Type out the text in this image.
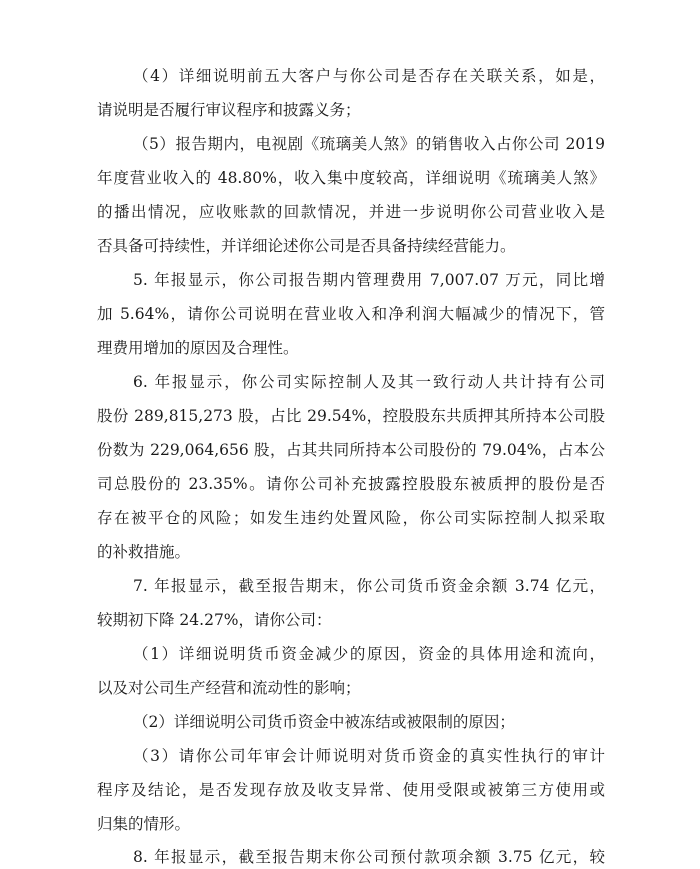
（4）详细说明前五大客户与你公司是否存在关联关系，如是，
请说明是否履行审议程序和披露义务；
（5）报告期内，电视剧《琉璃美人煞》的销售收入占你公司 2019
年度营业收入的 48.80%，收入集中度较高，详细说明《琉璃美人煞》
的播出情况，应收账款的回款情况，并进一步说明你公司营业收入是
否具备可持续性，并详细论述你公司是否具备持续经营能力。
5. 年报显示，你公司报告期内管理费用 7,007.07 万元，同比增
加 5.64%，请你公司说明在营业收入和净利润大幅减少的情况下，管
理费用增加的原因及合理性。
6. 年报显示，你公司实际控制人及其一致行动人共计持有公司
股份 289,815,273 股，占比 29.54%，控股股东共质押其所持本公司股
份数为 229,064,656 股，占其共同所持本公司股份的 79.04%，占本公
司总股份的 23.35%。请你公司补充披露控股股东被质押的股份是否
存在被平仓的风险；如发生违约处置风险，你公司实际控制人拟采取
的补救措施。
7. 年报显示，截至报告期末，你公司货币资金余额 3.74 亿元，
较期初下降 24.27%，请你公司：
（1）详细说明货币资金减少的原因，资金的具体用途和流向，
以及对公司生产经营和流动性的影响；
（2）详细说明公司货币资金中被冻结或被限制的原因；
（3）请你公司年审会计师说明对货币资金的真实性执行的审计
程序及结论，是否发现存放及收支异常、使用受限或被第三方使用或
归集的情形。
8. 年报显示，截至报告期末你公司预付款项余额 3.75 亿元，较
